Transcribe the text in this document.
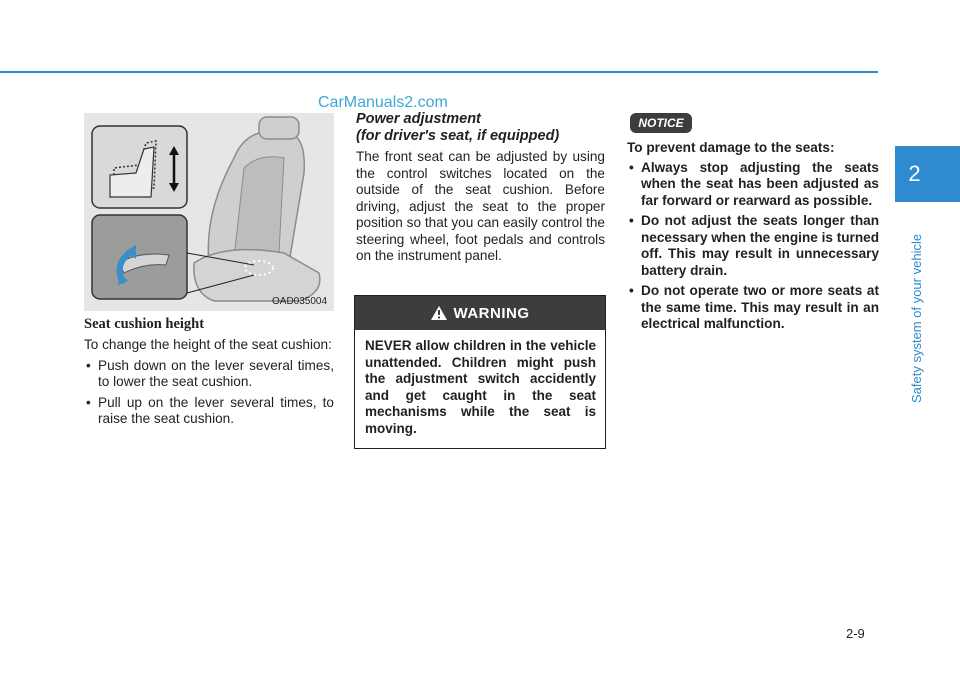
CarManuals2.com
OAD035004
Seat cushion height
To change the height of the seat cushion:
• Push down on the lever several times, to lower the seat cushion.
• Pull up on the lever several times, to raise the seat cushion.
Power adjustment
(for driver's seat, if equipped)
The front seat can be adjusted by using the control switches located on the outside of the seat cushion. Before driving, adjust the seat to the proper position so that you can easily control the steering wheel, foot pedals and controls on the instrument panel.
WARNING
NEVER allow children in the vehicle unattended. Children might push the adjustment switch accidently and get caught in the seat mechanisms while the seat is moving.
NOTICE
To prevent damage to the seats:
• Always stop adjusting the seats when the seat has been adjusted as far forward or rearward as possible.
• Do not adjust the seats longer than necessary when the engine is turned off. This may result in unnecessary battery drain.
• Do not operate two or more seats at the same time. This may result in an electrical malfunction.
2
Safety system of your vehicle
2-9
